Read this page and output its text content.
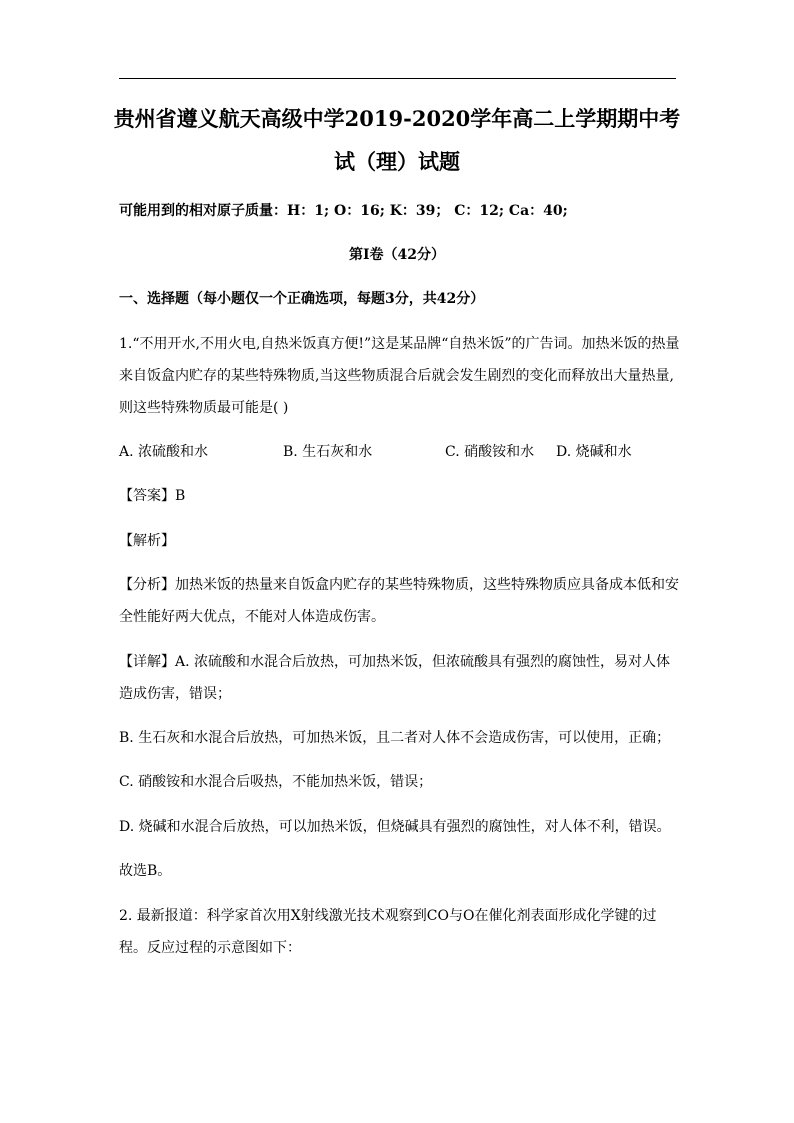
贵州省遵义航天高级中学2019-2020学年高二上学期期中考
试（理）试题
可能用到的相对原子质量：H：1; O：16; K：39； C：12; Ca：40;
第I卷（42分）
一、选择题（每小题仅一个正确选项，每题3分，共42分）
1.“不用开水,不用火电,自热米饭真方便!”这是某品牌“自热米饭”的广告词。加热米饭的热量
来自饭盒内贮存的某些特殊物质,当这些物质混合后就会发生剧烈的变化而释放出大量热量,
则这些特殊物质最可能是( )
A. 浓硫酸和水	B. 生石灰和水	C. 硝酸铵和水 D. 烧碱和水
【答案】B
【解析】
【分析】加热米饭的热量来自饭盒内贮存的某些特殊物质，这些特殊物质应具备成本低和安
全性能好两大优点，不能对人体造成伤害。
【详解】A. 浓硫酸和水混合后放热，可加热米饭，但浓硫酸具有强烈的腐蚀性，易对人体
造成伤害，错误；
B. 生石灰和水混合后放热，可加热米饭，且二者对人体不会造成伤害，可以使用，正确；
C. 硝酸铵和水混合后吸热，不能加热米饭，错误；
D. 烧碱和水混合后放热，可以加热米饭，但烧碱具有强烈的腐蚀性，对人体不利，错误。
故选B。
2. 最新报道：科学家首次用X射线激光技术观察到CO与O在催化剂表面形成化学键的过
程。反应过程的示意图如下：
